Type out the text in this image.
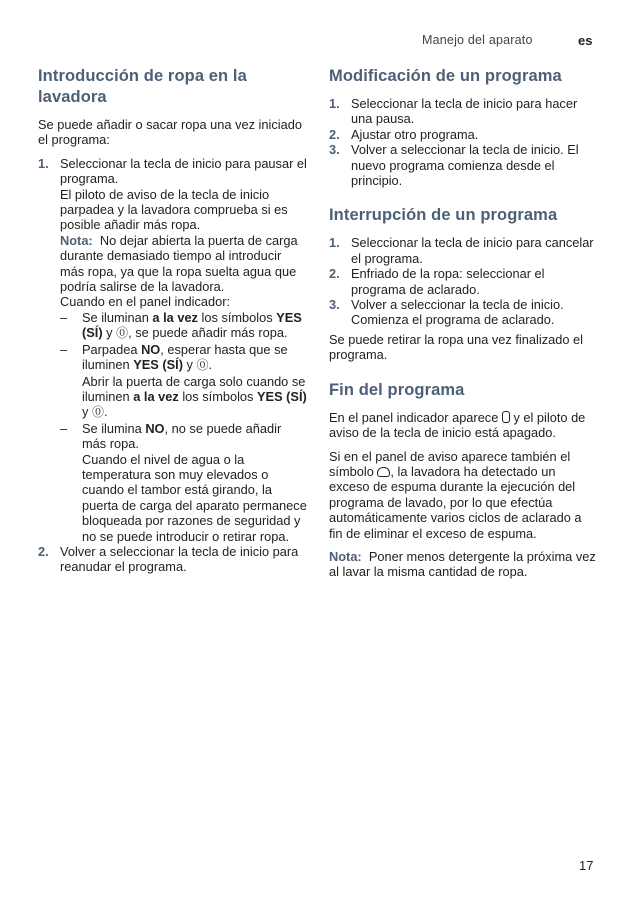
Manejo del aparato	es
Introducción de ropa en la lavadora

Se puede añadir o sacar ropa una vez iniciado el programa:

1. Seleccionar la tecla de inicio para pausar el programa.
El piloto de aviso de la tecla de inicio parpadea y la lavadora comprueba si es posible añadir más ropa.
Nota: No dejar abierta la puerta de carga durante demasiado tiempo al introducir más ropa, ya que la ropa suelta agua que podría salirse de la lavadora.
Cuando en el panel indicador:
– Se iluminan a la vez los símbolos YES (SÍ) y ⓪, se puede añadir más ropa.
– Parpadea NO, esperar hasta que se iluminen YES (SÍ) y ⓪.
Abrir la puerta de carga solo cuando se iluminen a la vez los símbolos YES (SÍ) y ⓪.
– Se ilumina NO, no se puede añadir más ropa.
Cuando el nivel de agua o la temperatura son muy elevados o cuando el tambor está girando, la puerta de carga del aparato permanece bloqueada por razones de seguridad y no se puede introducir o retirar ropa.
2. Volver a seleccionar la tecla de inicio para reanudar el programa.
Modificación de un programa
1. Seleccionar la tecla de inicio para hacer una pausa.
2. Ajustar otro programa.
3. Volver a seleccionar la tecla de inicio. El nuevo programa comienza desde el principio.
Interrupción de un programa
1. Seleccionar la tecla de inicio para cancelar el programa.
2. Enfriado de la ropa: seleccionar el programa de aclarado.
3. Volver a seleccionar la tecla de inicio. Comienza el programa de aclarado.

Se puede retirar la ropa una vez finalizado el programa.

Fin del programa

En el panel indicador aparece  y el piloto de aviso de la tecla de inicio está apagado.

Si en el panel de aviso aparece también el símbolo , la lavadora ha detectado un exceso de espuma durante la ejecución del programa de lavado, por lo que efectúa automáticamente varios ciclos de aclarado a fin de eliminar el exceso de espuma.

Nota: Poner menos detergente la próxima vez al lavar la misma cantidad de ropa.

17
